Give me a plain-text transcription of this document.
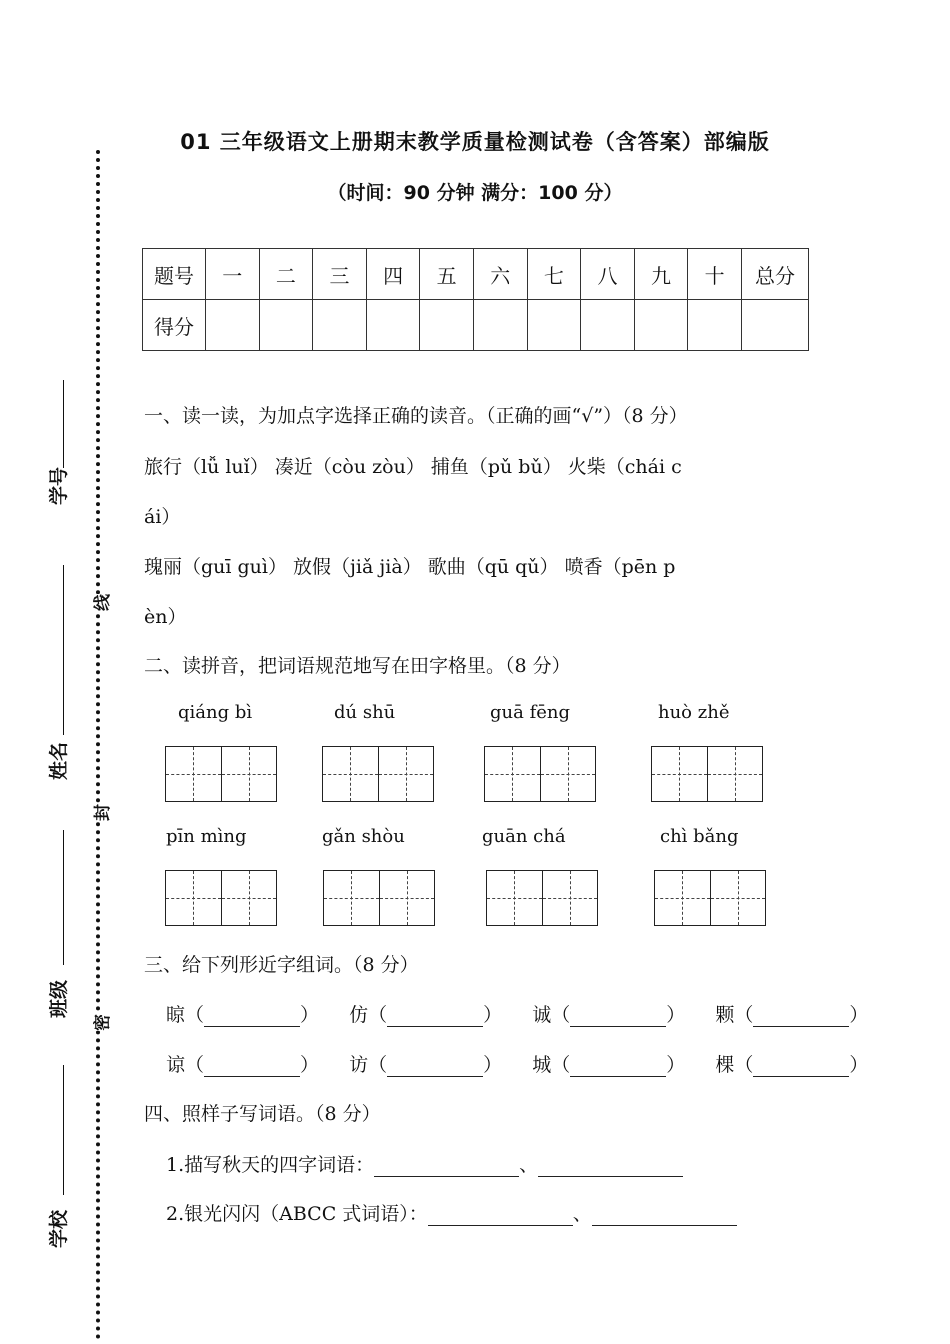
学号
姓名
班级
学校
线
封
密
01 三年级语文上册期末教学质量检测试卷（含答案）部编版
（时间：90 分钟 满分：100 分）
题号	一	二	三	四	五	六	七	八	九	十	总分
得分											
一、读一读，为加点字选择正确的读音。（正确的画“√”）（8 分）
旅行（lǚ luǐ） 凑近（còu zòu） 捕鱼（pǔ bǔ） 火柴（chái c
ái）
瑰丽（guī guì） 放假（jiǎ jià） 歌曲（qū qǔ） 喷香（pēn p
èn）
二、读拼音，把词语规范地写在田字格里。（8 分）
qiáng bì	dú shū	guā fēng	huò zhě
pīn mìng	gǎn shòu	guān chá	chì bǎng
三、给下列形近字组词。（8 分）
晾（	）  仿（	）  诚（	）  颗（	）
谅（	）  访（	）  城（	）  棵（	）
四、照样子写词语。（8 分）
1.描写秋天的四字词语：	、
2.银光闪闪（ABCC 式词语）：	、
